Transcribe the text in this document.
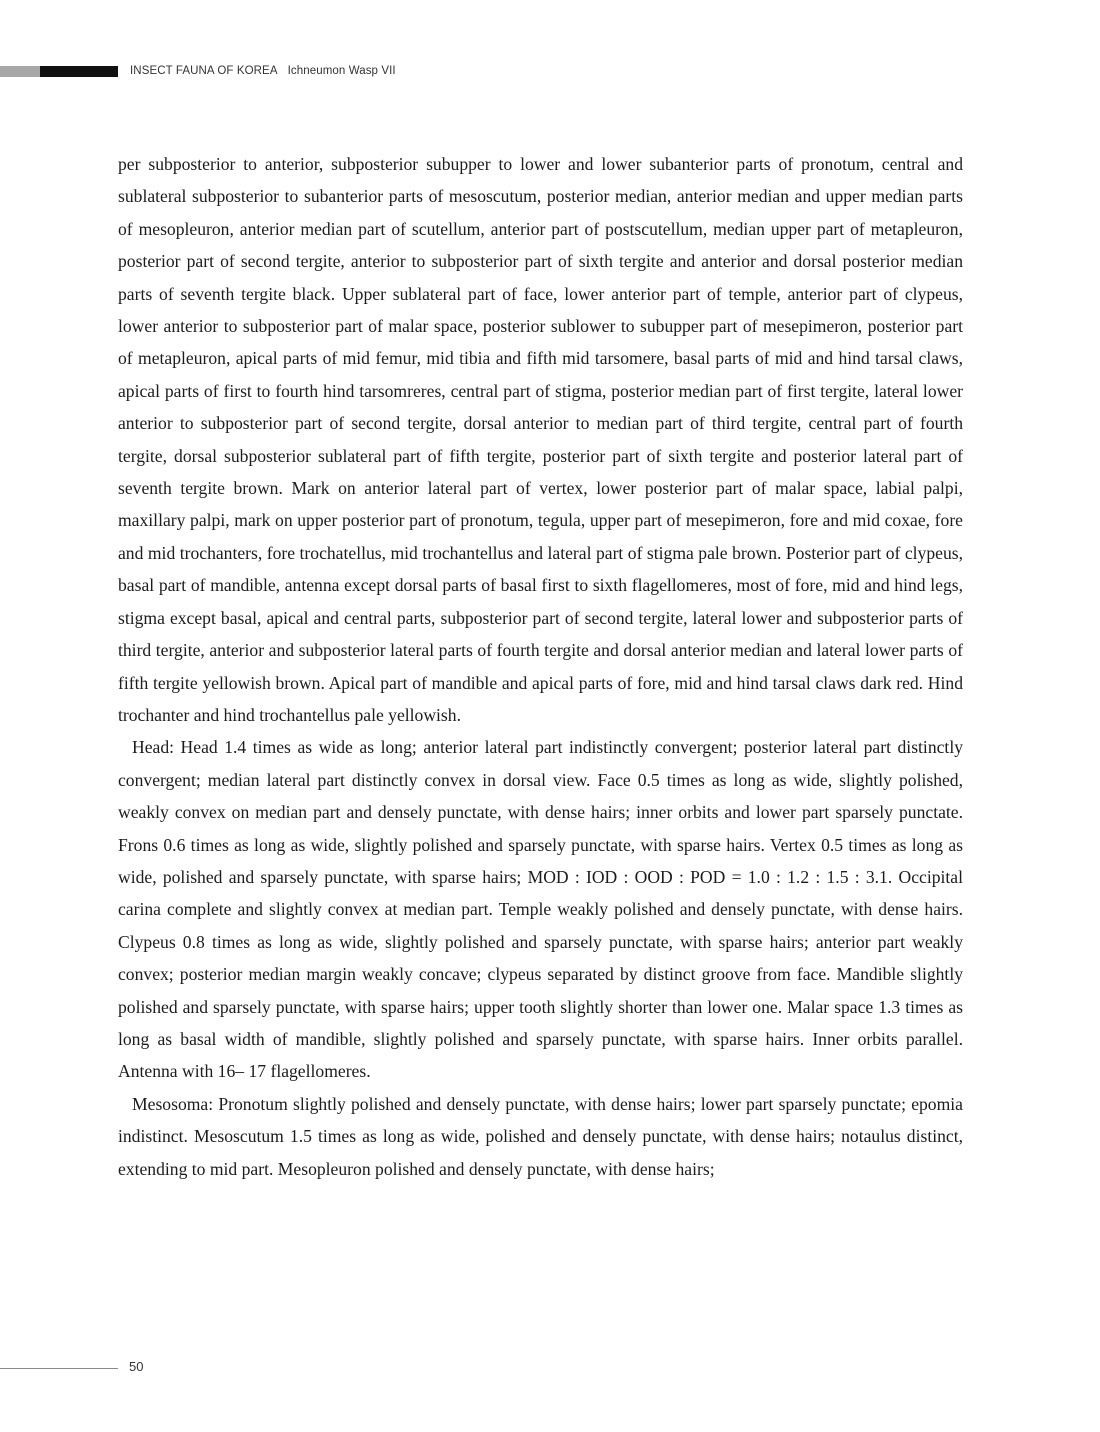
INSECT FAUNA OF KOREA Ichneumon Wasp VII

per subposterior to anterior, subposterior subupper to lower and lower subanterior parts of pronotum, central and sublateral subposterior to subanterior parts of mesoscutum, posterior median, anterior median and upper median parts of mesopleuron, anterior median part of scutellum, anterior part of postscutellum, median upper part of metapleuron, posterior part of second tergite, anterior to subposterior part of sixth tergite and anterior and dorsal posterior median parts of seventh tergite black. Upper sublateral part of face, lower anterior part of temple, anterior part of clypeus, lower anterior to subposterior part of malar space, posterior sublower to subupper part of mesepimeron, posterior part of metapleuron, apical parts of mid femur, mid tibia and fifth mid tarsomere, basal parts of mid and hind tarsal claws, apical parts of first to fourth hind tarsomreres, central part of stigma, posterior median part of first tergite, lateral lower anterior to subposterior part of second tergite, dorsal anterior to median part of third tergite, central part of fourth tergite, dorsal subposterior sublateral part of fifth tergite, posterior part of sixth tergite and posterior lateral part of seventh tergite brown. Mark on anterior lateral part of vertex, lower posterior part of malar space, labial palpi, maxillary palpi, mark on upper posterior part of pronotum, tegula, upper part of mesepimeron, fore and mid coxae, fore and mid trochanters, fore trochatellus, mid trochantellus and lateral part of stigma pale brown. Posterior part of clypeus, basal part of mandible, antenna except dorsal parts of basal first to sixth flagellomeres, most of fore, mid and hind legs, stigma except basal, apical and central parts, subposterior part of second tergite, lateral lower and subposterior parts of third tergite, anterior and subposterior lateral parts of fourth tergite and dorsal anterior median and lateral lower parts of fifth tergite yellowish brown. Apical part of mandible and apical parts of fore, mid and hind tarsal claws dark red. Hind trochanter and hind trochantellus pale yellowish.

Head: Head 1.4 times as wide as long; anterior lateral part indistinctly convergent; posterior lateral part distinctly convergent; median lateral part distinctly convex in dorsal view. Face 0.5 times as long as wide, slightly polished, weakly convex on median part and densely punctate, with dense hairs; inner orbits and lower part sparsely punctate. Frons 0.6 times as long as wide, slightly polished and sparsely punctate, with sparse hairs. Vertex 0.5 times as long as wide, polished and sparsely punctate, with sparse hairs; MOD : IOD : OOD : POD = 1.0 : 1.2 : 1.5 : 3.1. Occipital carina complete and slightly convex at median part. Temple weakly polished and densely punctate, with dense hairs. Clypeus 0.8 times as long as wide, slightly polished and sparsely punctate, with sparse hairs; anterior part weakly convex; posterior median margin weakly concave; clypeus separated by distinct groove from face. Mandible slightly polished and sparsely punctate, with sparse hairs; upper tooth slightly shorter than lower one. Malar space 1.3 times as long as basal width of mandible, slightly polished and sparsely punctate, with sparse hairs. Inner orbits parallel. Antenna with 16– 17 flagellomeres.

Mesosoma: Pronotum slightly polished and densely punctate, with dense hairs; lower part sparsely punctate; epomia indistinct. Mesoscutum 1.5 times as long as wide, polished and densely punctate, with dense hairs; notaulus distinct, extending to mid part. Mesopleuron polished and densely punctate, with dense hairs;

50
